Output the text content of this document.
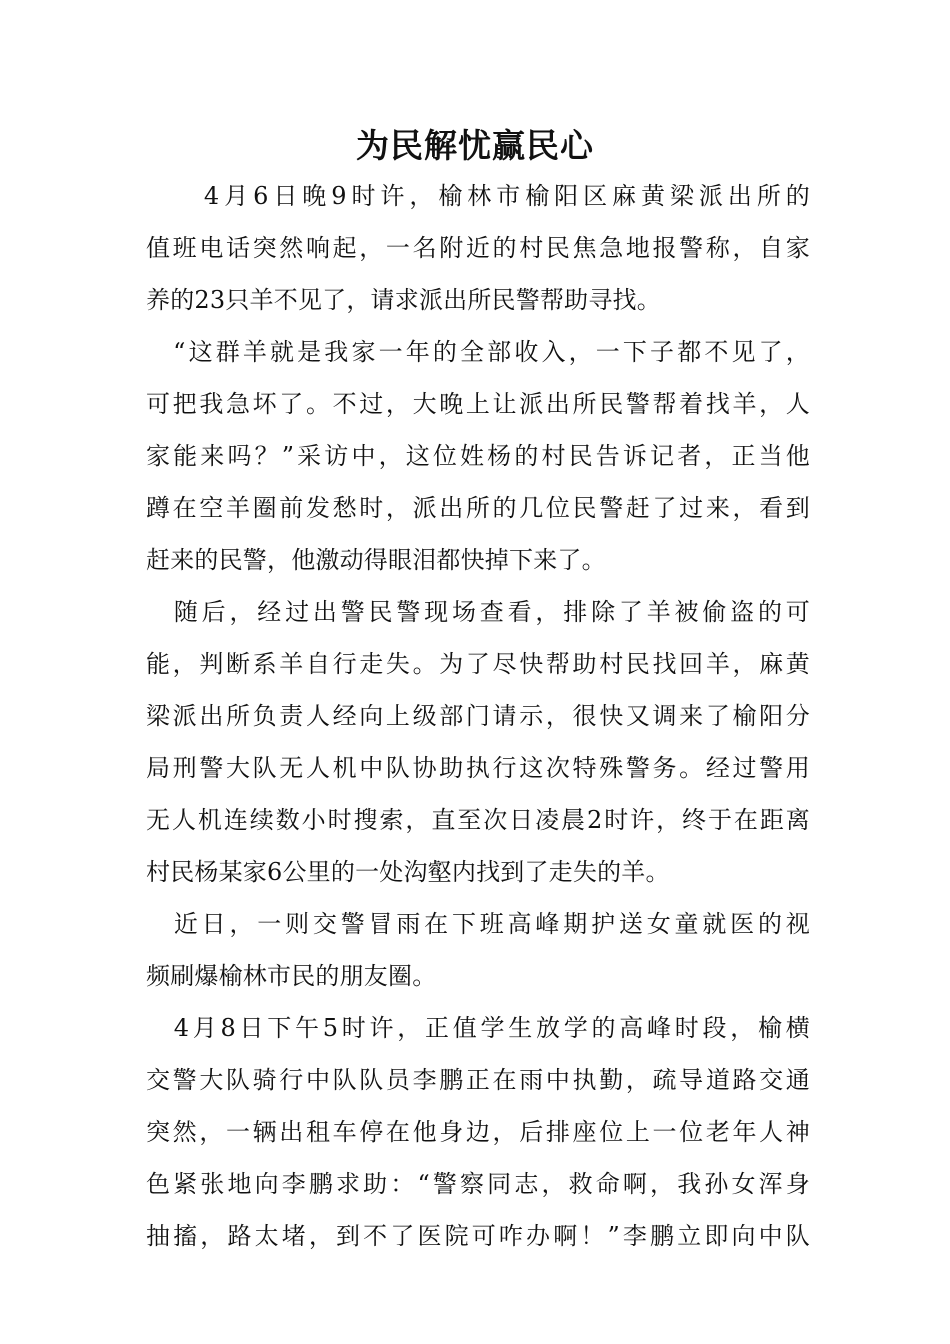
为民解忧赢民心
　　4月6日晚9时许，榆林市榆阳区麻黄梁派出所的
值班电话突然响起，一名附近的村民焦急地报警称，自家
养的23只羊不见了，请求派出所民警帮助寻找。
　“这群羊就是我家一年的全部收入，一下子都不见了，
可把我急坏了。不过，大晚上让派出所民警帮着找羊，人
家能来吗？”采访中，这位姓杨的村民告诉记者，正当他
蹲在空羊圈前发愁时，派出所的几位民警赶了过来，看到
赶来的民警，他激动得眼泪都快掉下来了。
　随后，经过出警民警现场查看，排除了羊被偷盗的可
能，判断系羊自行走失。为了尽快帮助村民找回羊，麻黄
梁派出所负责人经向上级部门请示，很快又调来了榆阳分
局刑警大队无人机中队协助执行这次特殊警务。经过警用
无人机连续数小时搜索，直至次日凌晨2时许，终于在距离
村民杨某家6公里的一处沟壑内找到了走失的羊。
　近日，一则交警冒雨在下班高峰期护送女童就医的视
频刷爆榆林市民的朋友圈。
　4月8日下午5时许，正值学生放学的高峰时段，榆横
交警大队骑行中队队员李鹏正在雨中执勤，疏导道路交通
突然，一辆出租车停在他身边，后排座位上一位老年人神
色紧张地向李鹏求助：“警察同志，救命啊，我孙女浑身
抽搐，路太堵，到不了医院可咋办啊！”李鹏立即向中队
